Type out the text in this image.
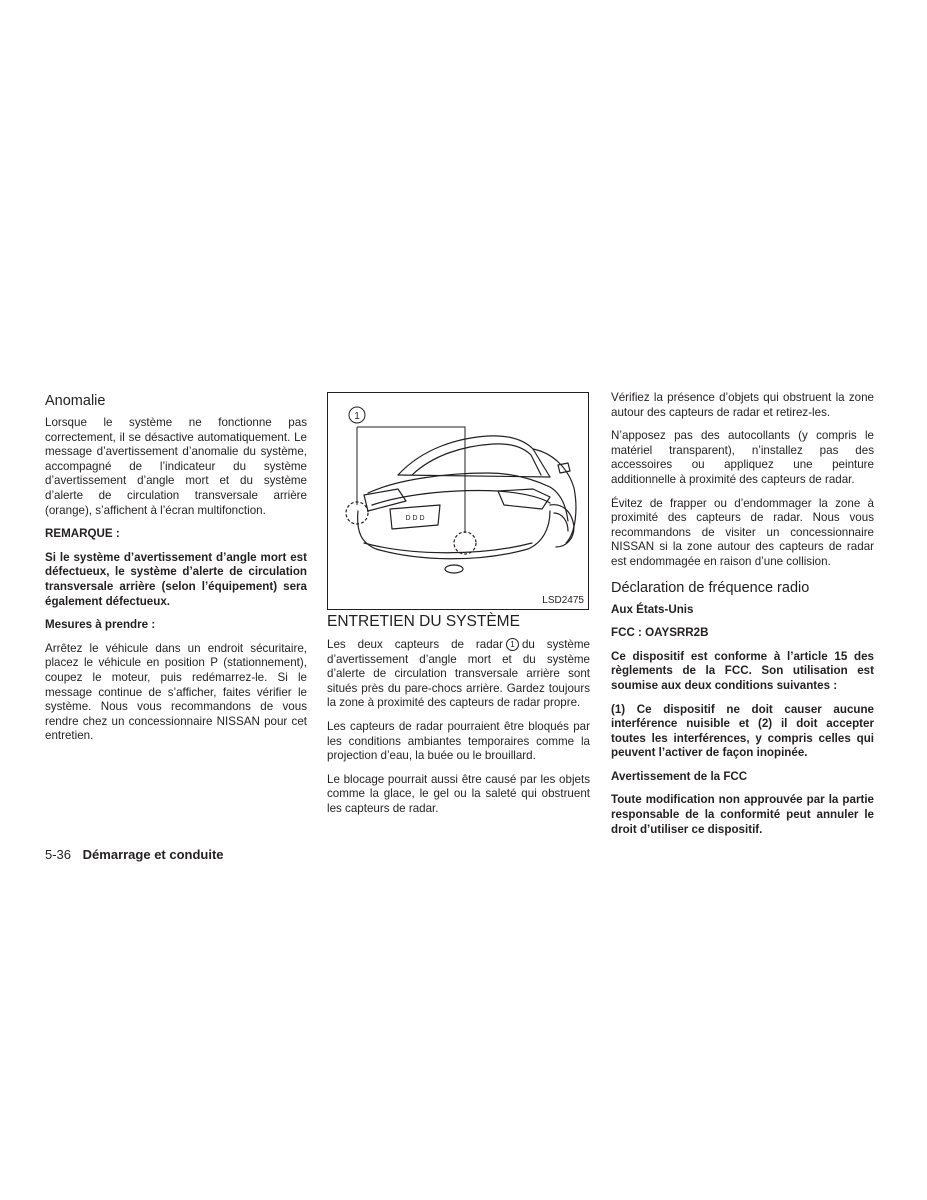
Anomalie

Lorsque le système ne fonctionne pas correctement, il se désactive automatiquement. Le message d’avertissement d’anomalie du système, accompagné de l’indicateur du système d’avertissement d’angle mort et du système d’alerte de circulation transversale arrière (orange), s’affichent à l’écran multifonction.

REMARQUE :

Si le système d’avertissement d’angle mort est défectueux, le système d’alerte de circulation transversale arrière (selon l’équipement) sera également défectueux.

Mesures à prendre :

Arrêtez le véhicule dans un endroit sécuritaire, placez le véhicule en position P (stationnement), coupez le moteur, puis redémarrez-le. Si le message continue de s’afficher, faites vérifier le système. Nous vous recommandons de vous rendre chez un concessionnaire NISSAN pour cet entretien.

1
D D D
LSD2475
ENTRETIEN DU SYSTÈME

Les deux capteurs de radar 1 du système d’avertissement d’angle mort et du système d’alerte de circulation transversale arrière sont situés près du pare-chocs arrière. Gardez toujours la zone à proximité des capteurs de radar propre.

Les capteurs de radar pourraient être bloqués par les conditions ambiantes temporaires comme la projection d’eau, la buée ou le brouillard.

Le blocage pourrait aussi être causé par les objets comme la glace, le gel ou la saleté qui obstruent les capteurs de radar.

Vérifiez la présence d’objets qui obstruent la zone autour des capteurs de radar et retirez-les.

N’apposez pas des autocollants (y compris le matériel transparent), n’installez pas des accessoires ou appliquez une peinture additionnelle à proximité des capteurs de radar.

Évitez de frapper ou d’endommager la zone à proximité des capteurs de radar. Nous vous recommandons de visiter un concessionnaire NISSAN si la zone autour des capteurs de radar est endommagée en raison d’une collision.

Déclaration de fréquence radio

Aux États-Unis

FCC : OAYSRR2B

Ce dispositif est conforme à l’article 15 des règlements de la FCC. Son utilisation est soumise aux deux conditions suivantes :

(1) Ce dispositif ne doit causer aucune interférence nuisible et (2) il doit accepter toutes les interférences, y compris celles qui peuvent l’activer de façon inopinée.

Avertissement de la FCC

Toute modification non approuvée par la partie responsable de la conformité peut annuler le droit d’utiliser ce dispositif.

5-36 Démarrage et conduite
